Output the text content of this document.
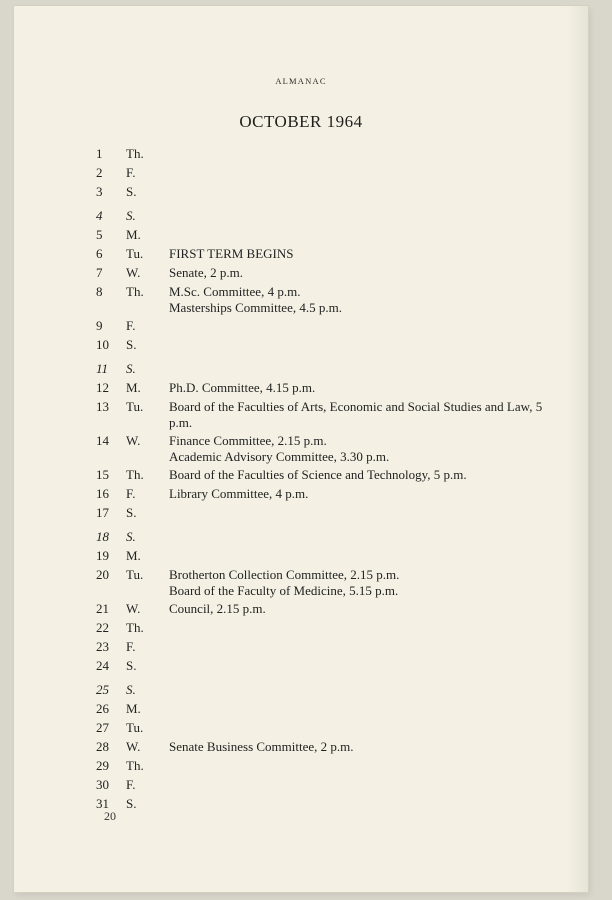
ALMANAC
OCTOBER 1964
1	Th.
2	F.
3	S.
4	S.
5	M.
6	Tu.	FIRST TERM BEGINS
7	W.	Senate, 2 p.m.
8	Th.	M.Sc. Committee, 4 p.m.
Masterships Committee, 4.5 p.m.
9	F.
10	S.
11	S.
12	M.	Ph.D. Committee, 4.15 p.m.
13	Tu.	Board of the Faculties of Arts, Economic and Social Studies and Law, 5 p.m.
14	W.	Finance Committee, 2.15 p.m.
Academic Advisory Committee, 3.30 p.m.
15	Th.	Board of the Faculties of Science and Technology, 5 p.m.
16	F.	Library Committee, 4 p.m.
17	S.
18	S.
19	M.
20	Tu.	Brotherton Collection Committee, 2.15 p.m.
Board of the Faculty of Medicine, 5.15 p.m.
21	W.	Council, 2.15 p.m.
22	Th.
23	F.
24	S.
25	S.
26	M.
27	Tu.
28	W.	Senate Business Committee, 2 p.m.
29	Th.
30	F.
31	S.
20
